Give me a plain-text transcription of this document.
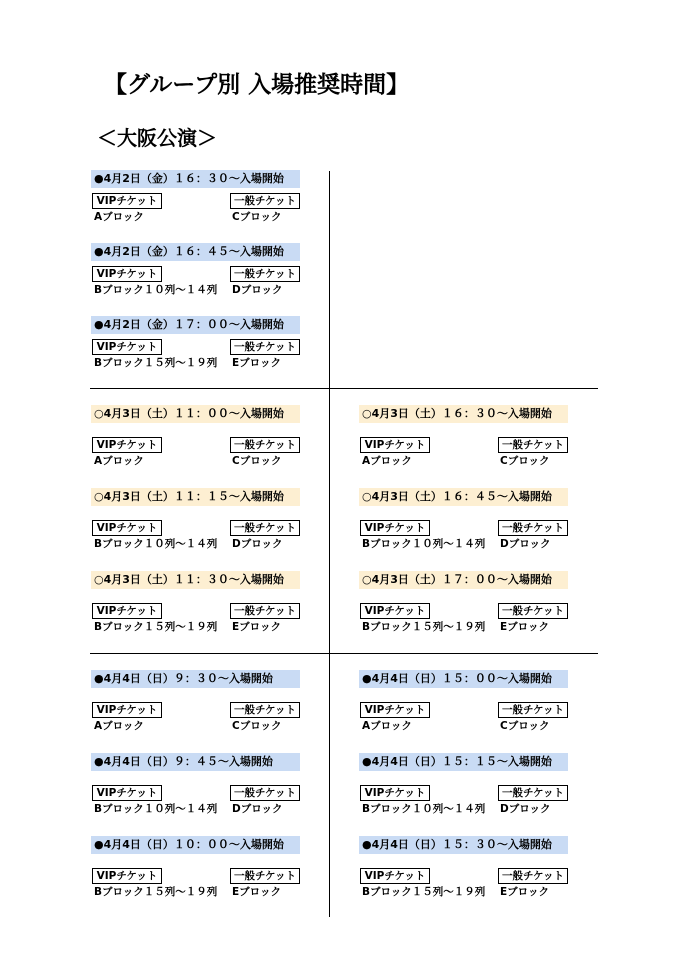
【グループ別 入場推奨時間】
＜大阪公演＞
●4月2日（金）１６：３０～入場開始
VIPチケット	一般チケット
Aブロック	Cブロック
●4月2日（金）１６：４５～入場開始
VIPチケット	一般チケット
Bブロック１０列～１４列 Dブロック
●4月2日（金）１７：００～入場開始
VIPチケット	一般チケット
Bブロック１５列～１９列 Eブロック
○4月3日（土）１１：００～入場開始
VIPチケット	一般チケット
Aブロック	Cブロック
○4月3日（土）１１：１５～入場開始
VIPチケット	一般チケット
Bブロック１０列～１４列 Dブロック
○4月3日（土）１１：３０～入場開始
VIPチケット	一般チケット
Bブロック１５列～１９列 Eブロック
○4月3日（土）１６：３０～入場開始
VIPチケット	一般チケット
Aブロック	Cブロック
○4月3日（土）１６：４５～入場開始
VIPチケット	一般チケット
Bブロック１０列～１４列 Dブロック
○4月3日（土）１７：００～入場開始
VIPチケット	一般チケット
Bブロック１５列～１９列 Eブロック
●4月4日（日）９：３０～入場開始
VIPチケット	一般チケット
Aブロック	Cブロック
●4月4日（日）９：４５～入場開始
VIPチケット	一般チケット
Bブロック１０列～１４列 Dブロック
●4月4日（日）１０：００～入場開始
VIPチケット	一般チケット
Bブロック１５列～１９列 Eブロック
●4月4日（日）１５：００～入場開始
VIPチケット	一般チケット
Aブロック	Cブロック
●4月4日（日）１５：１５～入場開始
VIPチケット	一般チケット
Bブロック１０列～１４列 Dブロック
●4月4日（日）１５：３０～入場開始
VIPチケット	一般チケット
Bブロック１５列～１９列 Eブロック
